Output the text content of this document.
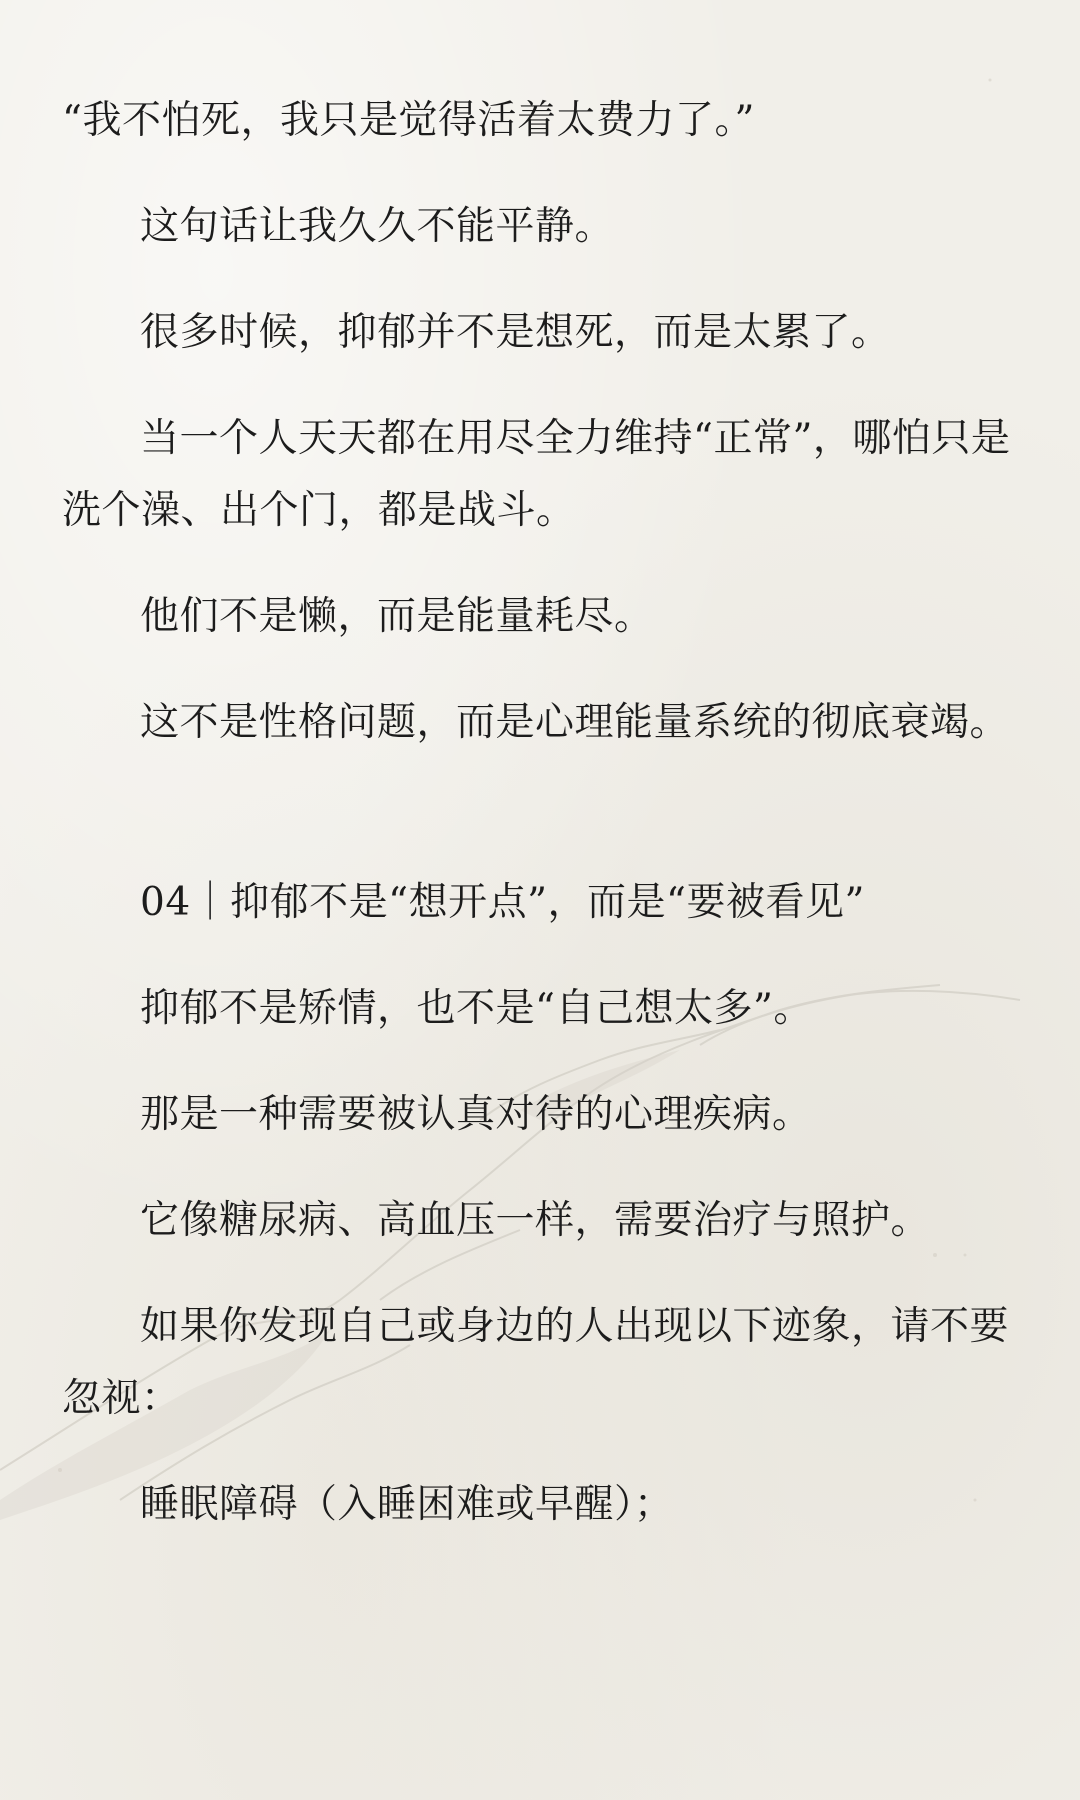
“我不怕死，我只是觉得活着太费力了。”

这句话让我久久不能平静。

很多时候，抑郁并不是想死，而是太累了。

当一个人天天都在用尽全力维持“正常”，哪怕只是洗个澡、出个门，都是战斗。

他们不是懒，而是能量耗尽。

这不是性格问题，而是心理能量系统的彻底衰竭。

04｜抑郁不是“想开点”，而是“要被看见”

抑郁不是矫情，也不是“自己想太多”。

那是一种需要被认真对待的心理疾病。

它像糖尿病、高血压一样，需要治疗与照护。

如果你发现自己或身边的人出现以下迹象，请不要忽视：

睡眠障碍（入睡困难或早醒）；
